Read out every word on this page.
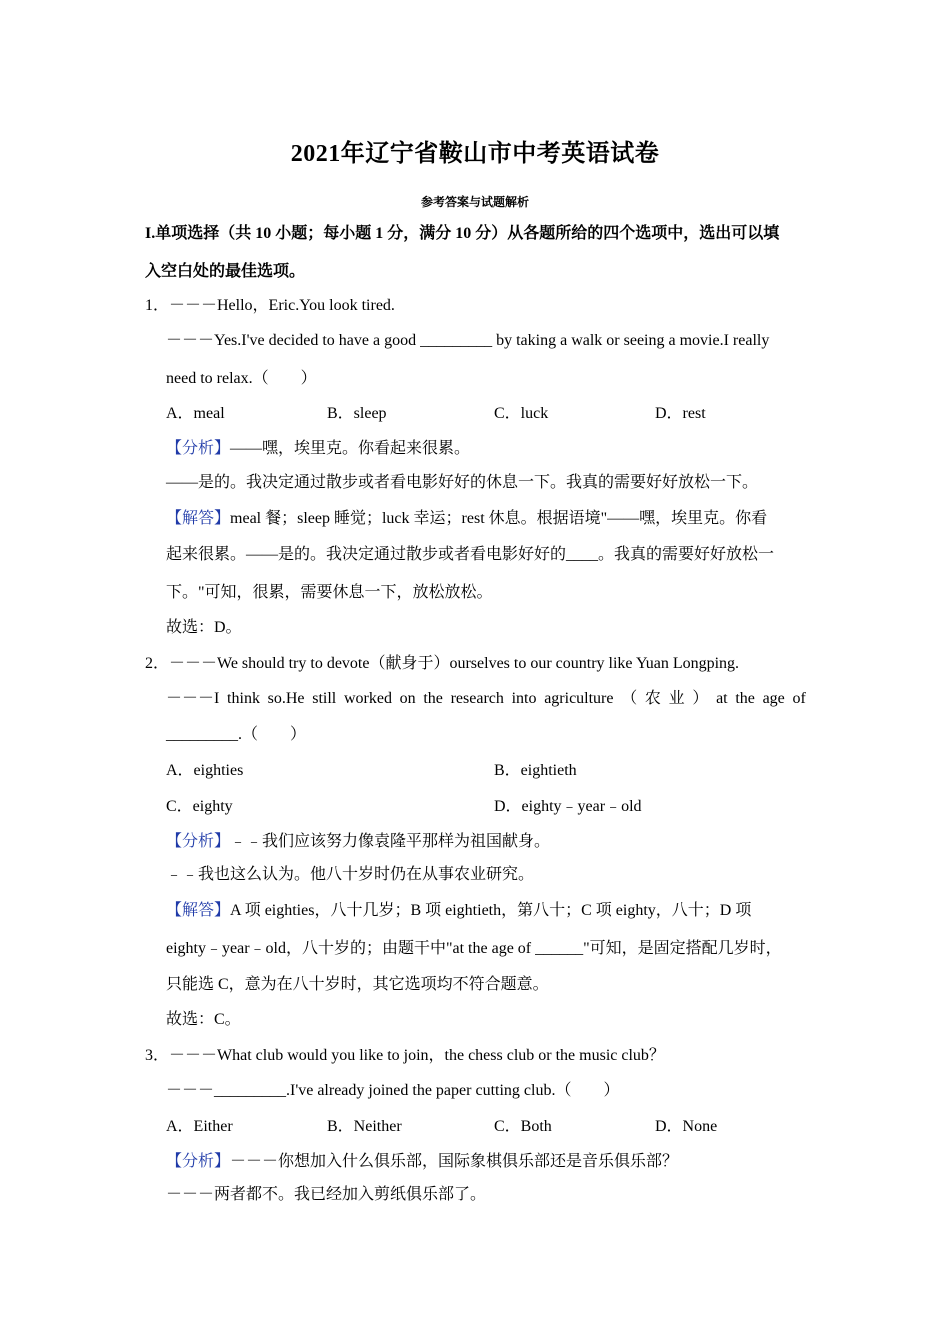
2021年辽宁省鞍山市中考英语试卷
参考答案与试题解析
I.单项选择（共 10 小题；每小题 1 分，满分 10 分）从各题所给的四个选项中，选出可以填
入空白处的最佳选项。
1．－－－Hello，Eric.You look tired.
－－－Yes.I've decided to have a good _________ by taking a walk or seeing a movie.I really
need to relax.（　　）
A．meal	B．sleep	C．luck	D．rest
【分析】——嘿，埃里克。你看起来很累。
——是的。我决定通过散步或者看电影好好的休息一下。我真的需要好好放松一下。
【解答】meal 餐；sleep 睡觉；luck 幸运；rest 休息。根据语境"——嘿，埃里克。你看
起来很累。——是的。我决定通过散步或者看电影好好的____。我真的需要好好放松一
下。"可知，很累，需要休息一下，放松放松。
故选：D。
2．－－－We should try to devote（献身于）ourselves to our country like Yuan Longping.
－－－I think so.He still worked on the research into agriculture （ 农 业 ） at the age of
_________.（　　）
A．eighties	B．eightieth
C．eighty	D．eighty﹣year﹣old
【分析】﹣﹣我们应该努力像袁隆平那样为祖国献身。
﹣﹣我也这么认为。他八十岁时仍在从事农业研究。
【解答】A 项 eighties，八十几岁；B 项 eightieth，第八十；C 项 eighty，八十；D 项
eighty﹣year﹣old，八十岁的；由题干中"at the age of ______"可知，是固定搭配几岁时，
只能选 C，意为在八十岁时，其它选项均不符合题意。
故选：C。
3．－－－What club would you like to join，the chess club or the music club？
－－－_________.I've already joined the paper cutting club.（　　）
A．Either	B．Neither	C．Both	D．None
【分析】－－－你想加入什么俱乐部，国际象棋俱乐部还是音乐俱乐部？
－－－两者都不。我已经加入剪纸俱乐部了。
